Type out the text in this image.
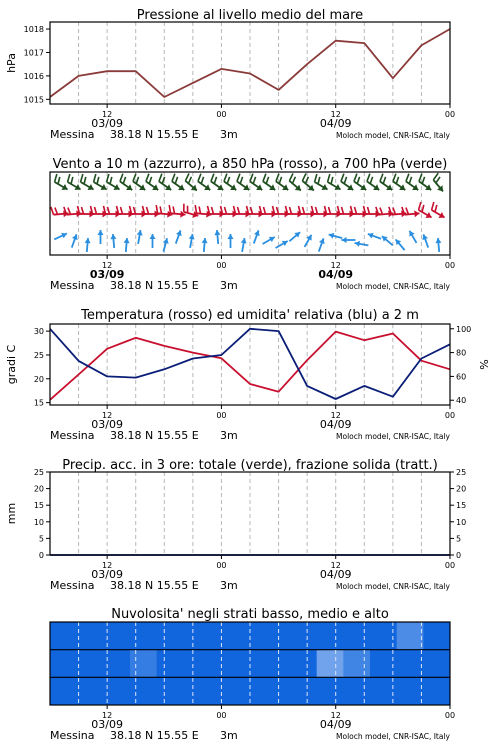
Pressione al livello medio del mare
1015
1016
1017
1018
hPa
12	00	12	00
03/09	04/09
Messina 38.18 N 15.55 E 3m	Moloch model, CNR-ISAC, Italy
Vento a 10 m (azzurro), a 850 hPa (rosso), a 700 hPa (verde)
12	00	12	00
03/09	04/09
Messina 38.18 N 15.55 E 3m	Moloch model, CNR-ISAC, Italy
Temperatura (rosso) ed umidita' relativa (blu) a 2 m
15
20
25
30
40
60
80
100
gradi C	%
12	00	12	00
03/09	04/09
Messina 38.18 N 15.55 E 3m	Moloch model, CNR-ISAC, Italy
Precip. acc. in 3 ore: totale (verde), frazione solida (tratt.)
0
5
10
15
20
25
0
5
10
15
20
25
mm
12	00	12	00
03/09	04/09
Messina 38.18 N 15.55 E 3m	Moloch model, CNR-ISAC, Italy
Nuvolosita' negli strati basso, medio e alto
12	00	12	00
03/09	04/09
Messina 38.18 N 15.55 E 3m	Moloch model, CNR-ISAC, Italy
